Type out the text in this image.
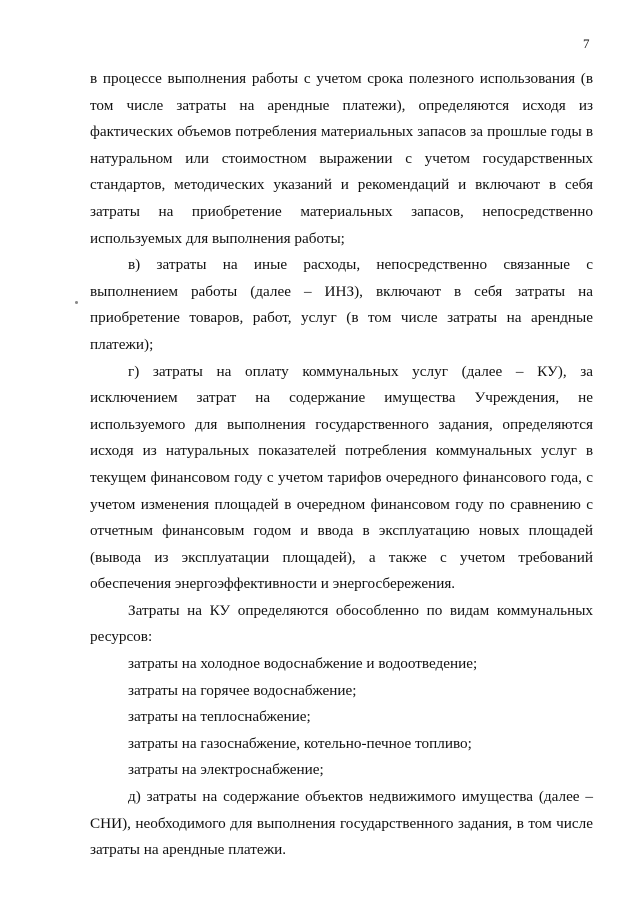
7

в процессе выполнения работы с учетом срока полезного использования (в том числе затраты на арендные платежи), определяются исходя из фактических объемов потребления материальных запасов за прошлые годы в натуральном или стоимостном выражении с учетом государственных стандартов, методических указаний и рекомендаций и включают в себя затраты на приобретение материальных запасов, непосредственно используемых для выполнения работы;

в) затраты на иные расходы, непосредственно связанные с выполнением работы (далее – ИНЗ), включают в себя затраты на приобретение товаров, работ, услуг (в том числе затраты на арендные платежи);

г) затраты на оплату коммунальных услуг (далее – КУ), за исключением затрат на содержание имущества Учреждения, не используемого для выполнения государственного задания, определяются исходя из натуральных показателей потребления коммунальных услуг в текущем финансовом году с учетом тарифов очередного финансового года, с учетом изменения площадей в очередном финансовом году по сравнению с отчетным финансовым годом и ввода в эксплуатацию новых площадей (вывода из эксплуатации площадей), а также с учетом требований обеспечения энергоэффективности и энергосбережения.

Затраты на КУ определяются обособленно по видам коммунальных ресурсов:

затраты на холодное водоснабжение и водоотведение;

затраты на горячее водоснабжение;

затраты на теплоснабжение;

затраты на газоснабжение, котельно-печное топливо;

затраты на электроснабжение;

д) затраты на содержание объектов недвижимого имущества (далее – СНИ), необходимого для выполнения государственного задания, в том числе затраты на арендные платежи.
